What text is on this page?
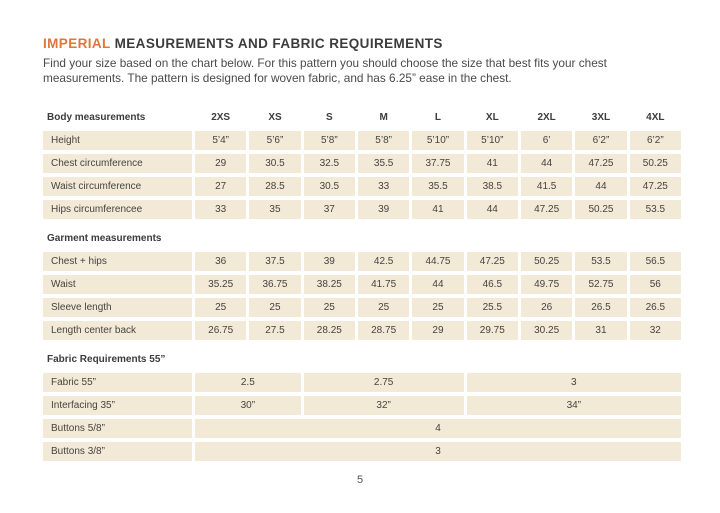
IMPERIAL MEASUREMENTS AND FABRIC REQUIREMENTS

Find your size based on the chart below. For this pattern you should choose the size that best fits your chest
measurements. The pattern is designed for woven fabric, and has 6.25” ease in the chest.

Body measurements	2XS	XS	S	M	L	XL	2XL	3XL	4XL
Height	5’4”	5’6”	5’8”	5’8”	5’10”	5’10”	6’	6’2”	6’2”
Chest circumference	29	30.5	32.5	35.5	37.75	41	44	47.25	50.25
Waist circumference	27	28.5	30.5	33	35.5	38.5	41.5	44	47.25
Hips circumferencee	33	35	37	39	41	44	47.25	50.25	53.5
Garment measurements									
Chest + hips	36	37.5	39	42.5	44.75	47.25	50.25	53.5	56.5
Waist	35.25	36.75	38.25	41.75	44	46.5	49.75	52.75	56
Sleeve length	25	25	25	25	25	25.5	26	26.5	26.5
Length center back	26.75	27.5	28.25	28.75	29	29.75	30.25	31	32
Fabric Requirements 55”									
Fabric 55”	2.5		2.75			3			
Interfacing 35”	30”		32”			34”			
Buttons 5/8”	4								
Buttons 3/8”	3								
5
